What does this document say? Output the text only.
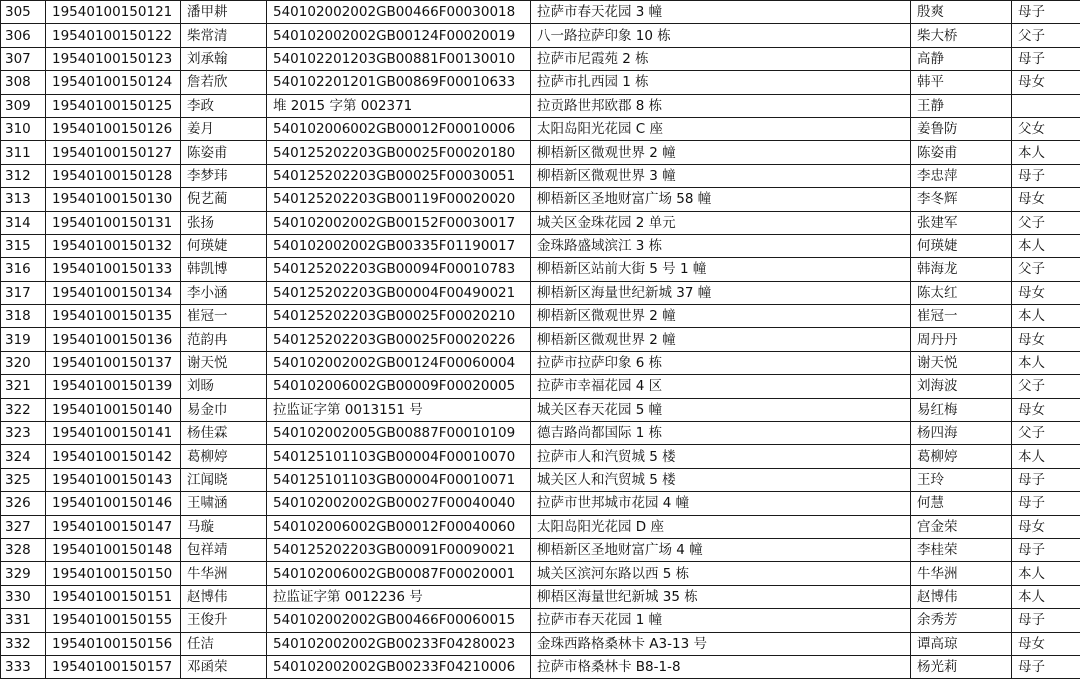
305	19540100150121	潘甲耕	540102002002GB00466F00030018	拉萨市春天花园 3 幢	殷爽	母子
306	19540100150122	柴常清	540102002002GB00124F00020019	八一路拉萨印象 10 栋	柴大桥	父子
307	19540100150123	刘承翰	540102201203GB00881F00130010	拉萨市尼霞苑 2 栋	高静	母子
308	19540100150124	詹若欣	540102201201GB00869F00010633	拉萨市扎西园 1 栋	韩平	母女
309	19540100150125	李政	堆 2015 字第 002371	拉贡路世邦欧郡 8 栋	王静	
310	19540100150126	姜月	540102006002GB00012F00010006	太阳岛阳光花园 C 座	姜鲁防	父女
311	19540100150127	陈姿甫	540125202203GB00025F00020180	柳梧新区微观世界 2 幢	陈姿甫	本人
312	19540100150128	李梦玮	540125202203GB00025F00030051	柳梧新区微观世界 3 幢	李忠萍	母子
313	19540100150130	倪艺蔺	540125202203GB00119F00020020	柳梧新区圣地财富广场 58 幢	李冬辉	母女
314	19540100150131	张扬	540102002002GB00152F00030017	城关区金珠花园 2 单元	张建军	父子
315	19540100150132	何瑛婕	540102002002GB00335F01190017	金珠路盛域滨江 3 栋	何瑛婕	本人
316	19540100150133	韩凯博	540125202203GB00094F00010783	柳梧新区站前大街 5 号 1 幢	韩海龙	父子
317	19540100150134	李小涵	540125202203GB00004F00490021	柳梧新区海量世纪新城 37 幢	陈太红	母女
318	19540100150135	崔冠一	540125202203GB00025F00020210	柳梧新区微观世界 2 幢	崔冠一	本人
319	19540100150136	范韵冉	540125202203GB00025F00020226	柳梧新区微观世界 2 幢	周丹丹	母女
320	19540100150137	谢天悦	540102002002GB00124F00060004	拉萨市拉萨印象 6 栋	谢天悦	本人
321	19540100150139	刘旸	540102006002GB00009F00020005	拉萨市幸福花园 4 区	刘海波	父子
322	19540100150140	易金巾	拉监证字第 0013151 号	城关区春天花园 5 幢	易红梅	母女
323	19540100150141	杨佳霖	540102002005GB00887F00010109	德吉路尚都国际 1 栋	杨四海	父子
324	19540100150142	葛柳婷	540125101103GB00004F00010070	拉萨市人和汽贸城 5 楼	葛柳婷	本人
325	19540100150143	江闻晓	540125101103GB00004F00010071	城关区人和汽贸城 5 楼	王玲	母子
326	19540100150146	王啸涵	540102002002GB00027F00040040	拉萨市世邦城市花园 4 幢	何慧	母子
327	19540100150147	马璇	540102006002GB00012F00040060	太阳岛阳光花园 D 座	宫金荣	母女
328	19540100150148	包祥靖	540125202203GB00091F00090021	柳梧新区圣地财富广场 4 幢	李桂荣	母子
329	19540100150150	牛华洲	540102006002GB00087F00020001	城关区滨河东路以西 5 栋	牛华洲	本人
330	19540100150151	赵博伟	拉监证字第 0012236 号	柳梧区海量世纪新城 35 栋	赵博伟	本人
331	19540100150155	王俊升	540102002002GB00466F00060015	拉萨市春天花园 1 幢	余秀芳	母子
332	19540100150156	任洁	540102002002GB00233F04280023	金珠西路格桑林卡 A3-13 号	谭高琼	母女
333	19540100150157	邓函荣	540102002002GB00233F04210006	拉萨市格桑林卡 B8-1-8	杨光莉	母子
